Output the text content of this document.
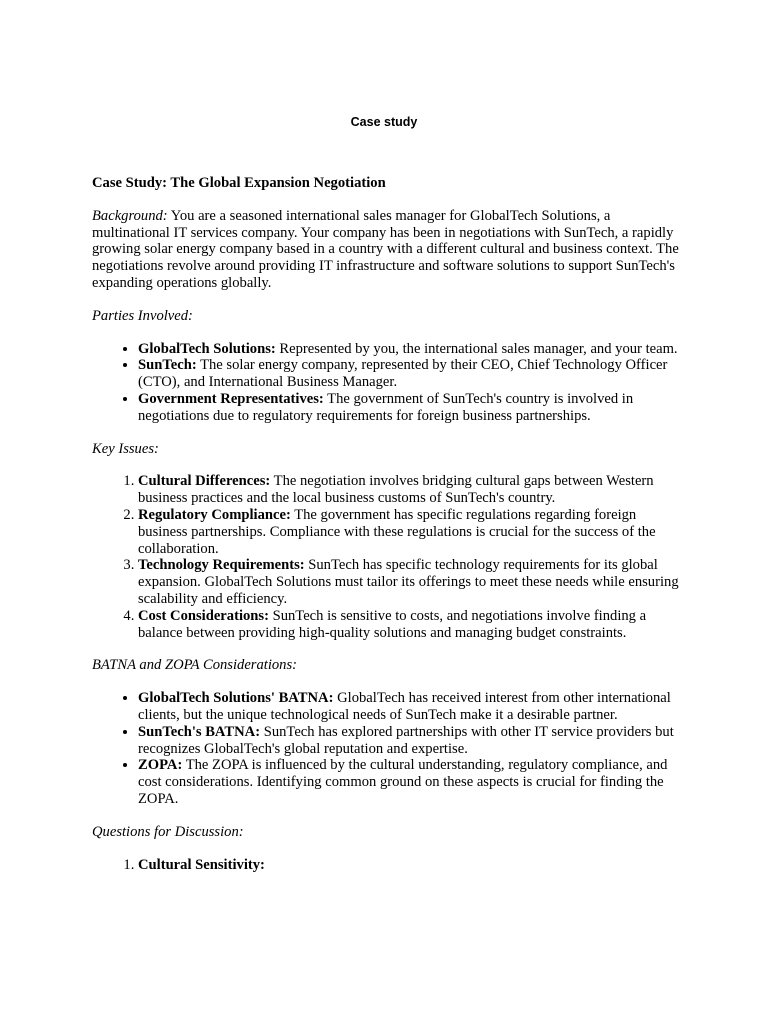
Case study

Case Study: The Global Expansion Negotiation

Background: You are a seasoned international sales manager for GlobalTech Solutions, a multinational IT services company. Your company has been in negotiations with SunTech, a rapidly growing solar energy company based in a country with a different cultural and business context. The negotiations revolve around providing IT infrastructure and software solutions to support SunTech's expanding operations globally.

Parties Involved:

• GlobalTech Solutions: Represented by you, the international sales manager, and your team.
• SunTech: The solar energy company, represented by their CEO, Chief Technology Officer (CTO), and International Business Manager.
• Government Representatives: The government of SunTech's country is involved in negotiations due to regulatory requirements for foreign business partnerships.

Key Issues:

1. Cultural Differences: The negotiation involves bridging cultural gaps between Western business practices and the local business customs of SunTech's country.
2. Regulatory Compliance: The government has specific regulations regarding foreign business partnerships. Compliance with these regulations is crucial for the success of the collaboration.
3. Technology Requirements: SunTech has specific technology requirements for its global expansion. GlobalTech Solutions must tailor its offerings to meet these needs while ensuring scalability and efficiency.
4. Cost Considerations: SunTech is sensitive to costs, and negotiations involve finding a balance between providing high-quality solutions and managing budget constraints.

BATNA and ZOPA Considerations:

• GlobalTech Solutions' BATNA: GlobalTech has received interest from other international clients, but the unique technological needs of SunTech make it a desirable partner.
• SunTech's BATNA: SunTech has explored partnerships with other IT service providers but recognizes GlobalTech's global reputation and expertise.
• ZOPA: The ZOPA is influenced by the cultural understanding, regulatory compliance, and cost considerations. Identifying common ground on these aspects is crucial for finding the ZOPA.

Questions for Discussion:

1. Cultural Sensitivity:
